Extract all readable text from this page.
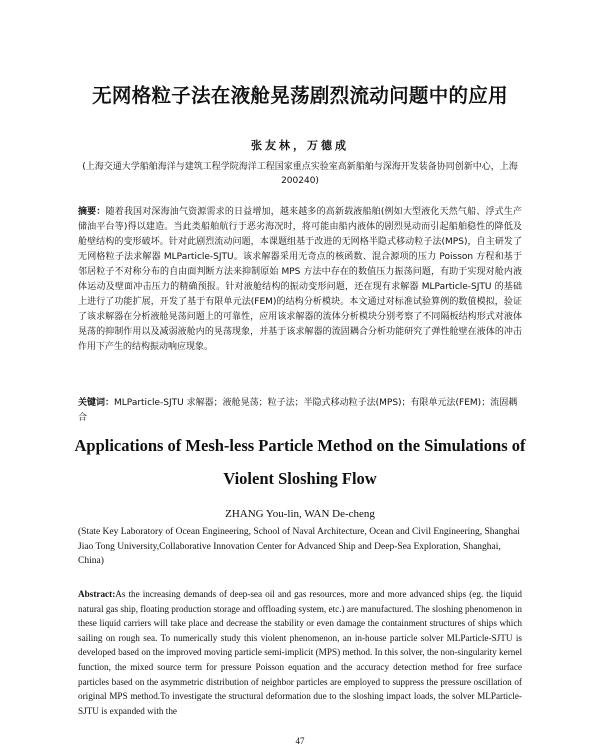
无网格粒子法在液舱晃荡剧烈流动问题中的应用
张友林，万德成
(上海交通大学船舶海洋与建筑工程学院海洋工程国家重点实验室高新船舶与深海开发装备协同创新中心，上海 200240)
摘要：随着我国对深海油气资源需求的日益增加，越来越多的高新载液船舶(例如大型液化天然气船、浮式生产储油平台等)得以建造。当此类船舶航行于恶劣海况时，将可能由船内液体的剧烈晃动而引起船舶稳性的降低及舱壁结构的变形破坏。针对此剧烈流动问题，本课题组基于改进的无网格半隐式移动粒子法(MPS)，自主研发了无网格粒子法求解器 MLParticle-SJTU。该求解器采用无奇点的核函数、混合源项的压力 Poisson 方程和基于邻居粒子不对称分布的自由面判断方法来抑制原始 MPS 方法中存在的数值压力振荡问题，有助于实现对舱内液体运动及壁面冲击压力的精确预报。针对液舱结构的振动变形问题，还在现有求解器 MLParticle-SJTU 的基础上进行了功能扩展，开发了基于有限单元法(FEM)的结构分析模块。本文通过对标准试验算例的数值模拟，验证了该求解器在分析液舱晃荡问题上的可靠性，应用该求解器的流体分析模块分别考察了不同隔板结构形式对液体晃荡的抑制作用以及减弱液舱内的晃荡现象，并基于该求解器的流固耦合分析功能研究了弹性舱壁在液体的冲击作用下产生的结构振动响应现象。
关键词：MLParticle-SJTU 求解器；液舱晃荡；粒子法；半隐式移动粒子法(MPS)；有限单元法(FEM)；流固耦合
Applications of Mesh-less Particle Method on the Simulations of
Violent Sloshing Flow
ZHANG You-lin, WAN De-cheng
(State Key Laboratory of Ocean Engineering, School of Naval Architecture, Ocean and Civil Engineering, Shanghai Jiao Tong University,Collaborative Innovation Center for Advanced Ship and Deep-Sea Exploration, Shanghai, China)
Abstract:As the increasing demands of deep-sea oil and gas resources, more and more advanced ships (eg. the liquid natural gas ship, floating production storage and offloading system, etc.) are manufactured. The sloshing phenomenon in these liquid carriers will take place and decrease the stability or even damage the containment structures of ships which sailing on rough sea. To numerically study this violent phenomenon, an in-house particle solver MLParticle-SJTU is developed based on the improved moving particle semi-implicit (MPS) method. In this solver, the non-singularity kernel function, the mixed source term for pressure Poisson equation and the accuracy detection method for free surface particles based on the asymmetric distribution of neighbor particles are employed to suppress the pressure oscillation of original MPS method.To investigate the structural deformation due to the sloshing impact loads, the solver MLParticle-SJTU is expanded with the
47
